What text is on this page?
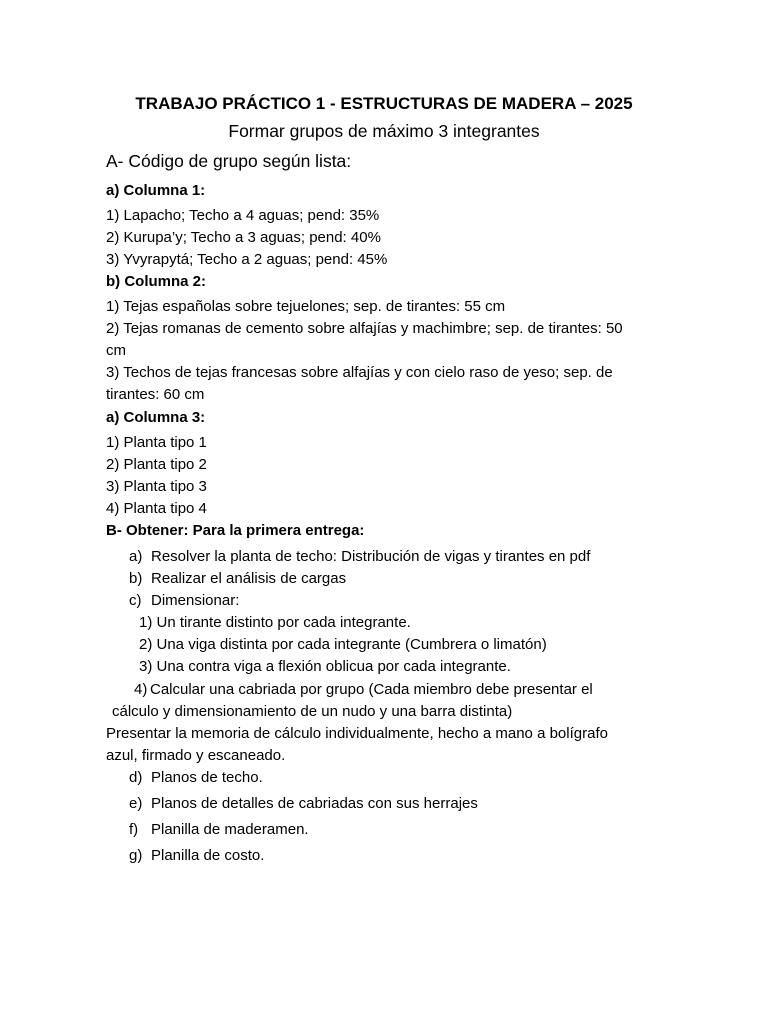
TRABAJO PRÁCTICO 1 - ESTRUCTURAS DE MADERA – 2025
Formar grupos de máximo 3 integrantes
A- Código de grupo según lista:
a) Columna 1:
1) Lapacho; Techo a 4 aguas; pend: 35%
2) Kurupa’y; Techo a 3 aguas; pend: 40%
3) Yvyrapytá; Techo a 2 aguas; pend: 45%
b) Columna 2:
1) Tejas españolas sobre tejuelones; sep. de tirantes: 55 cm
2) Tejas romanas de cemento sobre alfajías y machimbre; sep. de tirantes: 50
cm
3) Techos de tejas francesas sobre alfajías y con cielo raso de yeso; sep. de
tirantes: 60 cm
a) Columna 3:
1) Planta tipo 1
2) Planta tipo 2
3) Planta tipo 3
4) Planta tipo 4
B- Obtener: Para la primera entrega:
a) Resolver la planta de techo: Distribución de vigas y tirantes en pdf
b) Realizar el análisis de cargas
c) Dimensionar:
1) Un tirante distinto por cada integrante.
2) Una viga distinta por cada integrante (Cumbrera o limatón)
3) Una contra viga a flexión oblicua por cada integrante.
4) Calcular una cabriada por grupo (Cada miembro debe presentar el
cálculo y dimensionamiento de un nudo y una barra distinta)
Presentar la memoria de cálculo individualmente, hecho a mano a bolígrafo
azul, firmado y escaneado.
d) Planos de techo.
e) Planos de detalles de cabriadas con sus herrajes
f) Planilla de maderamen.
g) Planilla de costo.
